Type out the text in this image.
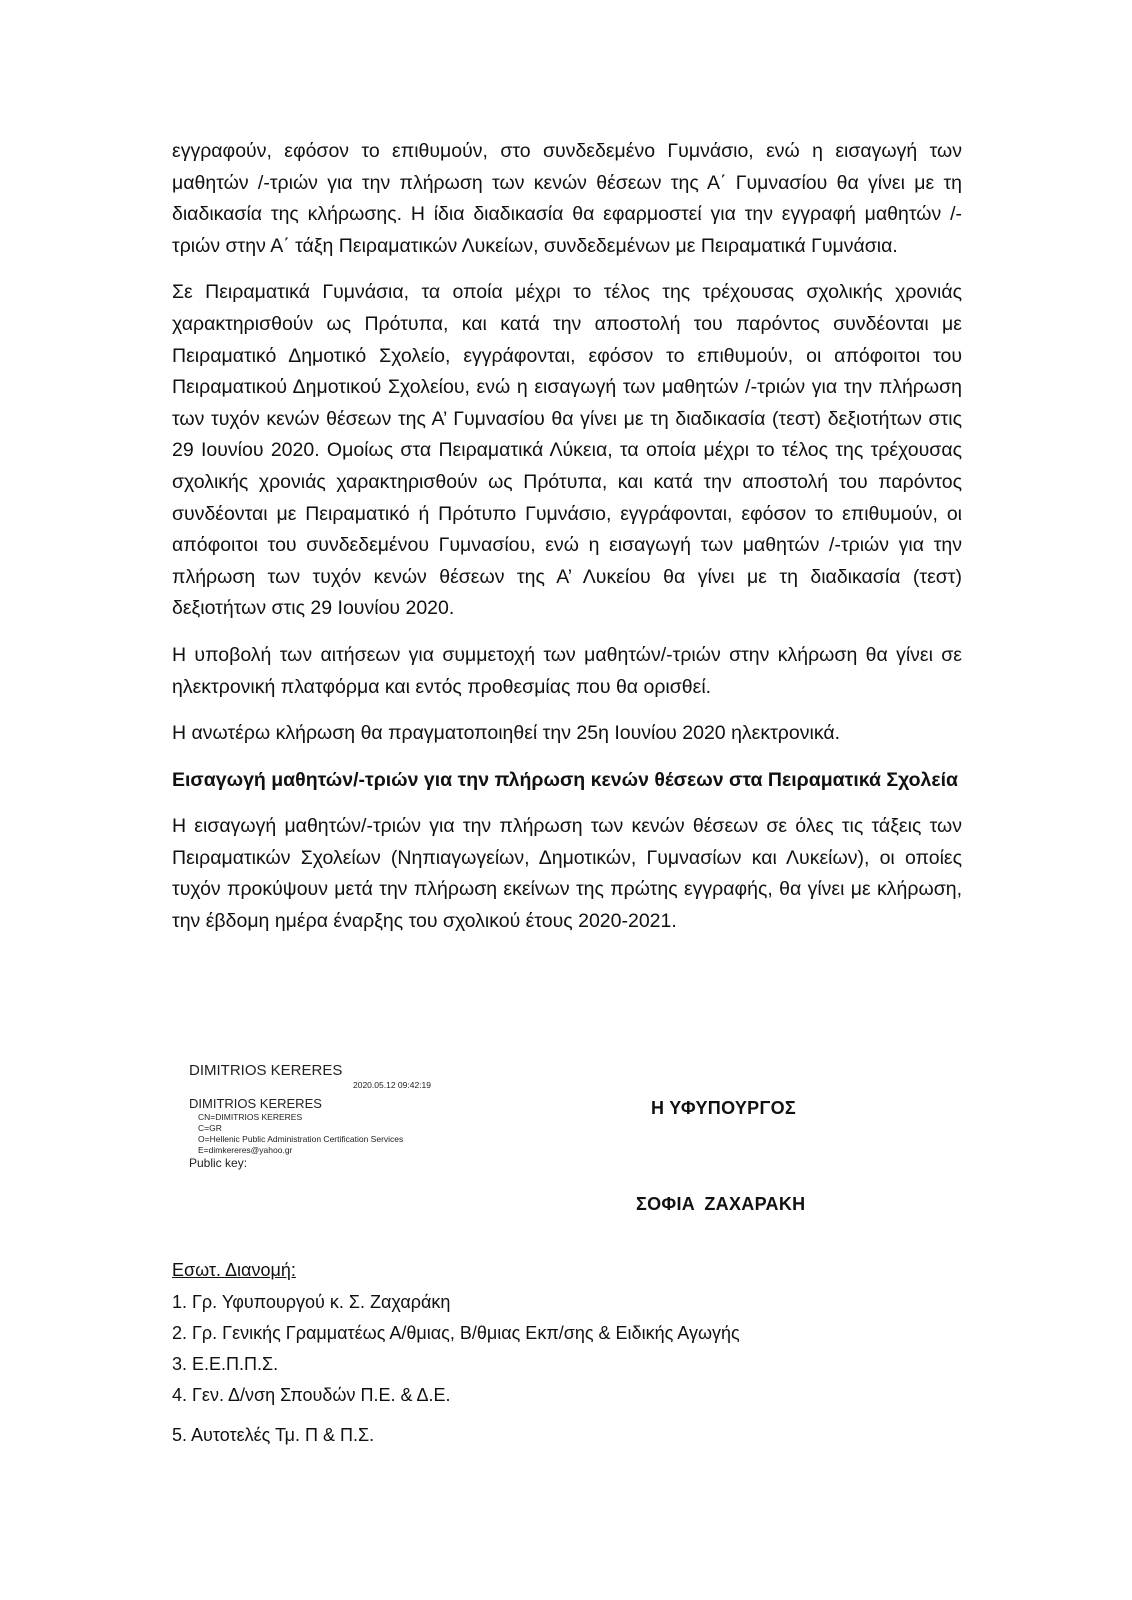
εγγραφούν, εφόσον το επιθυμούν, στο συνδεδεμένο Γυμνάσιο, ενώ η εισαγωγή των μαθητών /-τριών για την πλήρωση των κενών θέσεων της Α΄ Γυμνασίου θα γίνει με τη διαδικασία της κλήρωσης. Η ίδια διαδικασία θα εφαρμοστεί για την εγγραφή μαθητών /-τριών στην Α΄ τάξη Πειραματικών Λυκείων, συνδεδεμένων με Πειραματικά Γυμνάσια.

Σε Πειραματικά Γυμνάσια, τα οποία μέχρι το τέλος της τρέχουσας σχολικής χρονιάς χαρακτηρισθούν ως Πρότυπα, και κατά την αποστολή του παρόντος συνδέονται με Πειραματικό Δημοτικό Σχολείο, εγγράφονται, εφόσον το επιθυμούν, οι απόφοιτοι του Πειραματικού Δημοτικού Σχολείου, ενώ η εισαγωγή των μαθητών /-τριών για την πλήρωση των τυχόν κενών θέσεων της Α’ Γυμνασίου θα γίνει με τη διαδικασία (τεστ) δεξιοτήτων στις 29 Ιουνίου 2020. Ομοίως στα Πειραματικά Λύκεια, τα οποία μέχρι το τέλος της τρέχουσας σχολικής χρονιάς χαρακτηρισθούν ως Πρότυπα, και κατά την αποστολή του παρόντος συνδέονται με Πειραματικό ή Πρότυπο Γυμνάσιο, εγγράφονται, εφόσον το επιθυμούν, οι απόφοιτοι του συνδεδεμένου Γυμνασίου, ενώ η εισαγωγή των μαθητών /-τριών για την πλήρωση των τυχόν κενών θέσεων της Α’ Λυκείου θα γίνει με τη διαδικασία (τεστ) δεξιοτήτων στις 29 Ιουνίου 2020.

Η υποβολή των αιτήσεων για συμμετοχή των μαθητών/-τριών στην κλήρωση θα γίνει σε ηλεκτρονική πλατφόρμα και εντός προθεσμίας που θα ορισθεί.

Η ανωτέρω κλήρωση θα πραγματοποιηθεί την 25η Ιουνίου 2020 ηλεκτρονικά.

Εισαγωγή μαθητών/-τριών για την πλήρωση κενών θέσεων στα Πειραματικά Σχολεία

Η εισαγωγή μαθητών/-τριών για την πλήρωση των κενών θέσεων σε όλες τις τάξεις των Πειραματικών Σχολείων (Νηπιαγωγείων, Δημοτικών, Γυμνασίων και Λυκείων), οι οποίες τυχόν προκύψουν μετά την πλήρωση εκείνων της πρώτης εγγραφής, θα γίνει με κλήρωση, την έβδομη ημέρα έναρξης του σχολικού έτους 2020-2021.

DIMITRIOS KERERES
2020.05.12 09:42:19
DIMITRIOS KERERES
CN=DIMITRIOS KERERES
C=GR
O=Hellenic Public Administration Certification Services
E=dimkereres@yahoo.gr
Public key:
Η ΥΦΥΠΟΥΡΓΟΣ
ΣΟΦΙΑ ΖΑΧΑΡΑΚΗ
Εσωτ. Διανομή:
1. Γρ. Υφυπουργού κ. Σ. Ζαχαράκη
2. Γρ. Γενικής Γραμματέως Α/θμιας, Β/θμιας Εκπ/σης & Ειδικής Αγωγής
3. Ε.Ε.Π.Π.Σ.
4. Γεν. Δ/νση Σπουδών Π.Ε. & Δ.Ε.
5. Αυτοτελές Τμ. Π & Π.Σ.
